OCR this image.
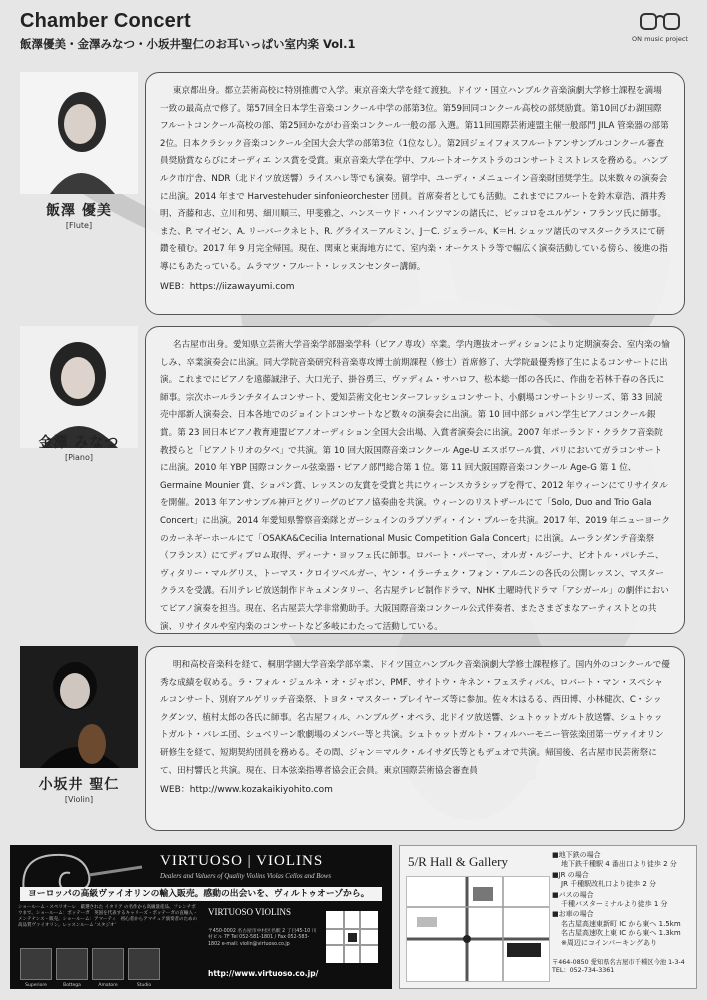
Chamber Concert
飯澤優美・金澤みなつ・小坂井聖仁のお耳いっぱい室内楽 Vol.1	ON music project
飯澤 優美
[Flute]

東京都出身。都立芸術高校に特別推薦で入学。東京音楽大学を経て渡独。ドイツ・国立ハンブルク音楽演劇大学修士課程を満場一致の最高点で修了。第57回全日本学生音楽コンクール中学の部第3位。第59回同コンクール高校の部奨励賞。第10回びわ湖国際フルートコンクール高校の部、第25回かながわ音楽コンクール一般の部 入選。第11回国際芸術連盟主催一般部門 JILA 管楽器の部第2位。日本クラシック音楽コンクール全国大会大学の部第3位（1位なし）。第2回ジェイフォスフルートアンサンブルコンクール審査員奨励賞ならびにオーディエ ンス賞を受賞。東京音楽大学在学中、フルートオーケストラのコンサートミストレスを務める。ハンブルク市庁舎、NDR（北ドイツ放送響）ライスハレ等でも演奏。留学中、ユーディ・メニューイン音楽財団奨学生。以来数々の演奏会に出演。2014 年まで Harvestehuder sinfonieorchester 団員。首席奏者としても活動。これまでにフルートを鈴木章浩、酒井秀明、斉藤和志、立川和男、細川順三、甲斐雅之、ハンス－ウド・ハインツマンの諸氏に、ピッコロをユルゲン・フランツ氏に師事。また、P. マイゼン、A. リーバークネヒト、R. グライス－アルミン、J－C. ジェラール、K＝H. シュッツ諸氏のマスタークラスにて研鑽を積む。2017 年 9 月完全帰国。現在、関東と東海地方にて、室内楽・オーケストラ等で幅広く演奏活動している傍ら、後進の指導にもあたっている。ムラマツ・フルート・レッスンセンター講師。

WEB：https://iizawayumi.com
金澤 みなつ
[Piano]

名古屋市出身。愛知県立芸術大学音楽学部器楽学科（ピアノ専攻）卒業。学内選抜オーディションにより定期演奏会、室内楽の愉しみ、卒業演奏会に出演。同大学院音楽研究科音楽専攻博士前期課程（修士）首席修了、大学院最優秀修了生によるコンサートに出演。これまでにピアノを遠藤誠津子、大口光子、掛谷勇三、ヴァディム・サハロフ、松本総一郎の各氏に、作曲を若林千春の各氏に師事。宗次ホールランチタイムコンサート、愛知芸術文化センターフレッシュコンサート、小劇場コンサートシリーズ、第 33 回読売中部新人演奏会、日本各地でのジョイントコンサートなど数々の演奏会に出演。第 10 回中部ショパン学生ピアノコンクール銀賞。第 23 回日本ピアノ教育連盟ピアノオーディション全国大会出場、入賞者演奏会に出演。2007 年ポーランド・クラクフ音楽院教授らと「ピアノトリオの夕べ」で共演。第 10 回大阪国際音楽コンクール Age-U エスポワール賞、パリにおいてガラコンサートに出演。2010 年 YBP 国際コンクール弦楽器・ピアノ部門総合第 1 位。第 11 回大阪国際音楽コンクール Age-G 第 1 位、Germaine Mounier 賞、ショパン賞、レッスンの友賞を受賞と共にウィーンスカラシップを得て、2012 年ウィーンにてリサイタルを開催。2013 年アンサンブル神戸とグリーグのピアノ協奏曲を共演。ウィーンのリストザールにて「Solo, Duo and Trio Gala Concert」に出演。2014 年愛知県警察音楽隊とガーシュインのラプソディ・イン・ブルーを共演。2017 年、2019 年ニューヨークのカーネギーホールにて「OSAKA&Cecilia International Music Competition Gala Concert」に出演。ムーランダンテ音楽祭（フランス）にてディプロム取得、ディーナ・ヨッフェ氏に師事。ロバート・パーマー、オルガ・ルジーナ、ピオトル・パレチニ、ヴィタリー・マルグリス、トーマス・クロイツベルガー、ヤン・イラーチェク・フォン・アルニンの各氏の公開レッスン、マスタークラスを受講。石川テレビ放送制作ドキュメンタリー、名古屋テレビ制作ドラマ、NHK 土曜時代ドラマ「アシガール」の劇伴においてピアノ演奏を担当。現在、名古屋芸大学非常勤助手。大阪国際音楽コンクール公式伴奏者、またさまざまなアーティストとの共演、リサイタルや室内楽のコンサートなど多岐にわたって活動している。

小坂井 聖仁
[Violin]

明和高校音楽科を経て、桐朋学園大学音楽学部卒業、ドイツ国立ハンブルク音楽演劇大学修士課程修了。国内外のコンクールで優秀な成績を収める。ラ・フォル・ジュルネ・オ・ジャポン、PMF、サイトウ・キネン・フェスティバル、ロバート・マン・スペシャルコンサート、別府アルゲリッチ音楽祭、トヨタ・マスター・プレイヤーズ等に参加。佐々木はるる、西田博、小林健次、C・シックダンツ、植村太郎の各氏に師事。名古屋フィル、ハンブルグ・オペラ、北ドイツ放送響、シュトゥットガルト放送響、シュトゥットガルト・バレエ団、シュベリーン歌劇場のメンバー等と共演。シュトゥットガルト・フィルハーモニー管弦楽団第一ヴァイオリン研修生を経て、短期契約団員を務める。その間、ジャン＝マルク・ルイサダ氏等ともデュオで共演。帰国後、名古屋市民芸術祭にて、田村響氏と共演。現在、日本弦楽指導者協会正会員。東京国際芸術協会審査員

WEB：http://www.kozakaikiyohito.com
VIRTUOSO | VIOLINS
Dealers and Valuers of Quality Violins Violas Cellos and Bows
ヨーロッパの高級ヴァイオリンの輸入販売。感動の出会いを、ヴィルトゥオーゾから。
ショールーム・スペリオーレ　厳選された イタリア の名作から高級量産品、フレンチボウまで。ショールーム：ボッテーガ　英国を代表するキャリーズ・ボッテーガの直輸入・メンテナンス・販売。ショールーム：アマーティ　初心者からアマチュア演奏者のための高品質ヴァイオリン。レッスンルーム 'スタジオ'
VIRTUOSO VIOLINS
〒450-0002 名古屋市中村区名駅 2 丁目45-10 川村ビル 7F Tel 052-581-1801 / Fax 052-583-1802 e-mail: violin@virtuoso.co.jp
http://www.virtuoso.co.jp/
Superiore	Bottega	Amatore	Studio
5/R Hall & Gallery	■地下鉄の場合
地下鉄千種駅 4 番出口より徒歩 2 分
■JR の場合
JR 千種駅改札口より徒歩 2 分
■バスの場合
千種バスターミナルより徒歩 1 分
■お車の場合
名古屋高速東新町 IC から東へ 1.5km
名古屋高速吹上東 IC から東へ 1.3km
※周辺にコインパーキングあり
〒464-0850 愛知県名古屋市千種区今池 1-3-4
TEL：052-734-3361
